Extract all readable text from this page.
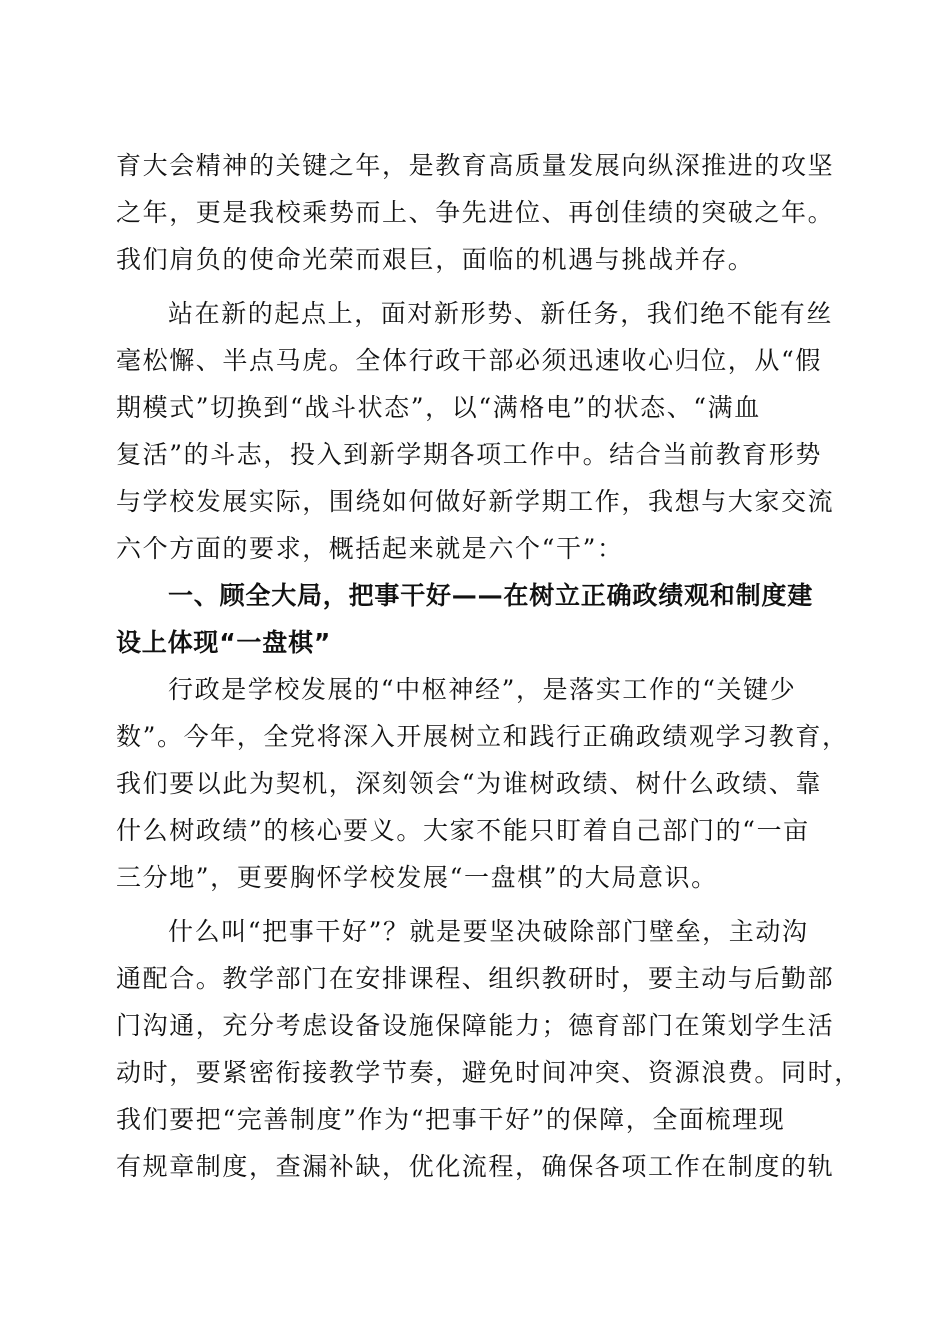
育大会精神的关键之年，是教育高质量发展向纵深推进的攻坚
之年，更是我校乘势而上、争先进位、再创佳绩的突破之年。
我们肩负的使命光荣而艰巨，面临的机遇与挑战并存。
站在新的起点上，面对新形势、新任务，我们绝不能有丝
毫松懈、半点马虎。全体行政干部必须迅速收心归位，从“假
期模式”切换到“战斗状态”，以“满格电”的状态、“满血
复活”的斗志，投入到新学期各项工作中。结合当前教育形势
与学校发展实际，围绕如何做好新学期工作，我想与大家交流
六个方面的要求，概括起来就是六个“干”：
一、顾全大局，把事干好——在树立正确政绩观和制度建
设上体现“一盘棋”
行政是学校发展的“中枢神经”，是落实工作的“关键少
数”。今年，全党将深入开展树立和践行正确政绩观学习教育，
我们要以此为契机，深刻领会“为谁树政绩、树什么政绩、靠
什么树政绩”的核心要义。大家不能只盯着自己部门的“一亩
三分地”，更要胸怀学校发展“一盘棋”的大局意识。
什么叫“把事干好”？就是要坚决破除部门壁垒，主动沟
通配合。教学部门在安排课程、组织教研时，要主动与后勤部
门沟通，充分考虑设备设施保障能力；德育部门在策划学生活
动时，要紧密衔接教学节奏，避免时间冲突、资源浪费。同时，
我们要把“完善制度”作为“把事干好”的保障，全面梳理现
有规章制度，查漏补缺，优化流程，确保各项工作在制度的轨
